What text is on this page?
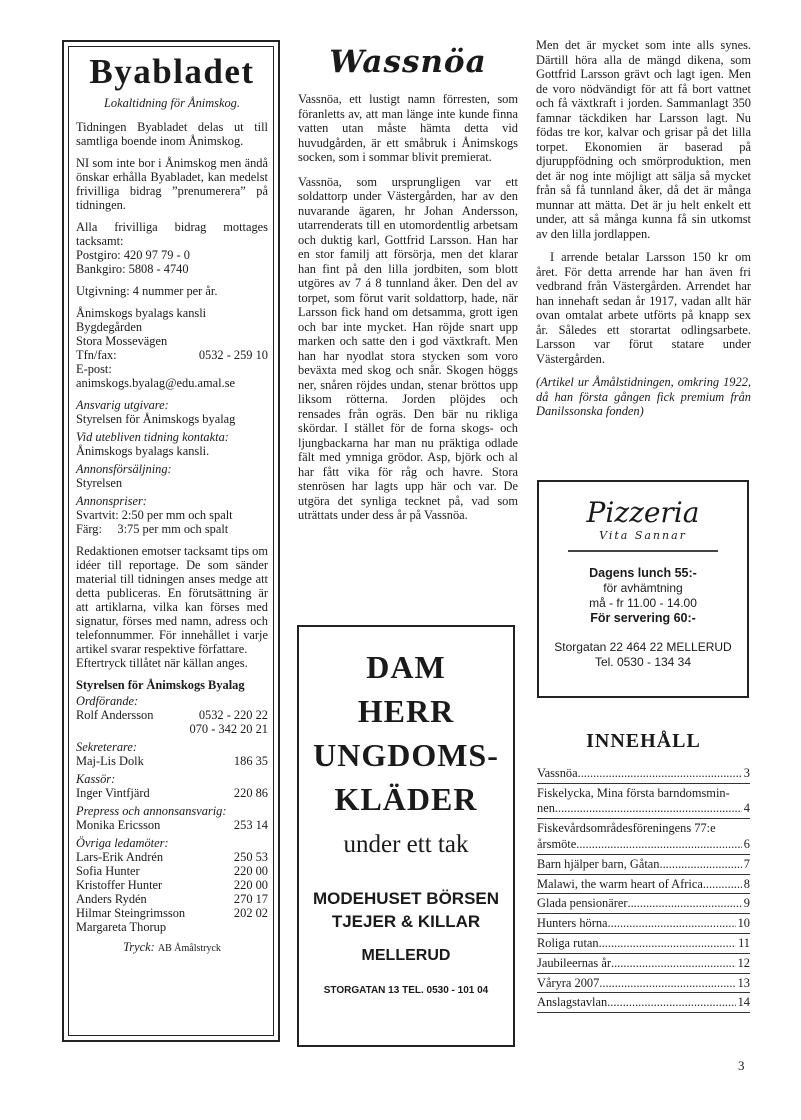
Byabladet
Lokaltidning för Ånimskog.
Tidningen Byabladet delas ut till samtliga boende inom Ånimskog.
NI som inte bor i Ånimskog men ändå önskar erhålla Byabladet, kan medelst frivilliga bidrag ”prenumerera” på tidningen.
Alla frivilliga bidrag mottages tacksamt:
Postgiro: 420 97 79 - 0
Bankgiro: 5808 - 4740
Utgivning: 4 nummer per år.
Ånimskogs byalags kansli
Bygdegården
Stora Mossevägen
Tfn/fax:	0532 - 259 10
E-post:
animskogs.byalag@edu.amal.se
Ansvarig utgivare:
Styrelsen för Ånimskogs byalag
Vid utebliven tidning kontakta:
Ånimskogs byalags kansli.
Annonsförsäljning:
Styrelsen
Annonspriser:
Svartvit: 2:50 per mm och spalt
Färg:     3:75 per mm och spalt
Redaktionen emotser tacksamt tips om idéer till reportage. De som sänder material till tidningen anses medge att detta publiceras. En förutsättning är att artiklarna, vilka kan förses med signatur, förses med namn, adress och telefonnummer. För innehållet i varje artikel svarar respektive författare.
Eftertryck tillåtet när källan anges.
Styrelsen för Ånimskogs Byalag
Ordförande:
Rolf Andersson	0532 - 220 22
070 - 342 20 21
Sekreterare:
Maj-Lis Dolk	186 35
Kassör:
Inger Vintfjärd	220 86
Prepress och annonsansvarig:
Monika Ericsson	253 14
Övriga ledamöter:
Lars-Erik Andrén	250 53
Sofia Hunter	220 00
Kristoffer Hunter	220 00
Anders Rydén	270 17
Hilmar Steingrimsson	202 02
Margareta Thorup
Tryck: AB Åmålstryck
Wassnöa
Vassnöa, ett lustigt namn förresten, som föranletts av, att man länge inte kunde finna vatten utan måste hämta detta vid huvudgården, är ett småbruk i Ånimskogs socken, som i sommar blivit premierat.
Vassnöa, som ursprungligen var ett soldattorp under Västergården, har av den nuvarande ägaren, hr Johan Andersson, utarrenderats till en utomordentlig arbetsam och duktig karl, Gottfrid Larsson. Han har en stor familj att försörja, men det klarar han fint på den lilla jordbiten, som blott utgöres av 7 á 8 tunnland åker. Den del av torpet, som förut varit soldattorp, hade, när Larsson fick hand om detsamma, grott igen och bar inte mycket. Han röjde snart upp marken och satte den i god växtkraft. Men han har nyodlat stora stycken som voro beväxta med skog och snår. Skogen höggs ner, snåren röjdes undan, stenar bröttos upp liksom rötterna. Jorden plöjdes och rensades från ogräs. Den bär nu rikliga skördar. I stället för de forna skogs- och ljungbackarna har man nu präktiga odlade fält med ymniga grödor. Asp, björk och al har fått vika för råg och havre. Stora stenrösen har lagts upp här och var. De utgöra det synliga tecknet på, vad som uträttats under dess år på Vassnöa.
DAM
HERR
UNGDOMS-
KLÄDER
under ett tak
MODEHUSET BÖRSEN
TJEJER & KILLAR
MELLERUD
STORGATAN 13 TEL. 0530 - 101 04
Men det är mycket som inte alls synes. Därtill höra alla de mängd dikena, som Gottfrid Larsson grävt och lagt igen. Men de voro nödvändigt för att få bort vattnet och få växtkraft i jorden. Sammanlagt 350 famnar täckdiken har Larsson lagt. Nu födas tre kor, kalvar och grisar på det lilla torpet. Ekonomien är baserad på djuruppfödning och smörproduktion, men det är nog inte möjligt att sälja så mycket från så få tunnland åker, då det är många munnar att mätta. Det är ju helt enkelt ett under, att så många kunna få sin utkomst av den lilla jordlappen.
I arrende betalar Larsson 150 kr om året. För detta arrende har han även fri vedbrand från Västergården. Arrendet har han innehaft sedan år 1917, vadan allt här ovan omtalat arbete utförts på knapp sex år. Således ett storartat odlingsarbete. Larsson var förut statare under Västergården.
(Artikel ur Åmålstidningen, omkring 1922, då han första gången fick premium från Danilssonska fonden)
Pizzeria
Vita Sannar
Dagens lunch 55:-
för avhämtning
må - fr 11.00 - 14.00
För servering 60:-
Storgatan 22 464 22 MELLERUD
Tel. 0530 - 134 34
INNEHÅLL
Vassnöa .....	3
Fiskelycka, Mina första barndomsmin-
nen .....	4
Fiskevårdsområdesföreningens 77:e
årsmöte .....	6
Barn hjälper barn, Gåtan .....	7
Malawi, the warm heart of Africa .....	8
Glada pensionärer .....	9
Hunters hörna .....	10
Roliga rutan .....	11
Jaubileernas år .....	12
Våryra 2007 .....	13
Anslagstavlan .....	14
3
